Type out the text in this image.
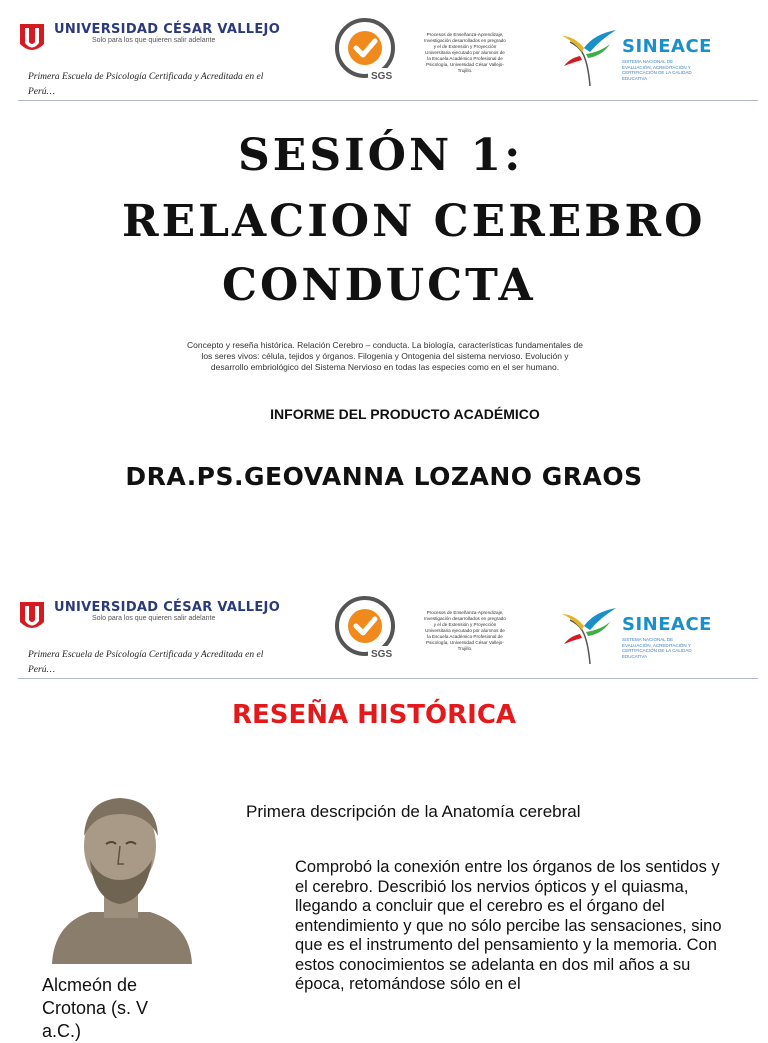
UNIVERSIDAD CÉSAR VALLEJO
Solo para los que quieren salir adelante
Primera Escuela de Psicología Certificada y Acreditada en el Perú…
SGS
Procesos de Enseñanza-Aprendizaje, Investigación desarrollados en pregrado y el de Extensión y Proyección Universitaria ejecutado por alumnos de la Escuela Académico Profesional de Psicología, Universidad César Vallejo-Trujillo.
SINEACE
SISTEMA NACIONAL DE EVALUACIÓN, ACREDITACIÓN Y CERTIFICACIÓN DE LA CALIDAD EDUCATIVA
SESIÓN 1:
RELACION CEREBRO
CONDUCTA
Concepto y reseña histórica. Relación Cerebro – conducta. La biología, características fundamentales de los seres vivos: célula, tejidos y órganos. Filogenia y Ontogenia del sistema nervioso. Evolución y desarrollo embriológico del Sistema Nervioso en todas las especies como en el ser humano.
INFORME DEL PRODUCTO ACADÉMICO
DRA.PS.GEOVANNA LOZANO GRAOS
UNIVERSIDAD CÉSAR VALLEJO
Solo para los que quieren salir adelante
Primera Escuela de Psicología Certificada y Acreditada en el Perú…
SGS
Procesos de Enseñanza-Aprendizaje, Investigación desarrollados en pregrado y el de Extensión y Proyección Universitaria ejecutado por alumnos de la Escuela Académico Profesional de Psicología, Universidad César Vallejo-Trujillo.
SINEACE
SISTEMA NACIONAL DE EVALUACIÓN, ACREDITACIÓN Y CERTIFICACIÓN DE LA CALIDAD EDUCATIVA
RESEÑA HISTÓRICA
Alcmeón de
Crotona (s. V
a.C.)
Primera descripción de la Anatomía cerebral
Comprobó la conexión entre los órganos de los sentidos y el cerebro. Describió los nervios ópticos y el quiasma, llegando a concluir que el cerebro es el órgano del entendimiento y que no sólo percibe las sensaciones, sino que es el instrumento del pensamiento y la memoria. Con estos conocimientos se adelanta en dos mil años a su época, retomándose sólo en el
